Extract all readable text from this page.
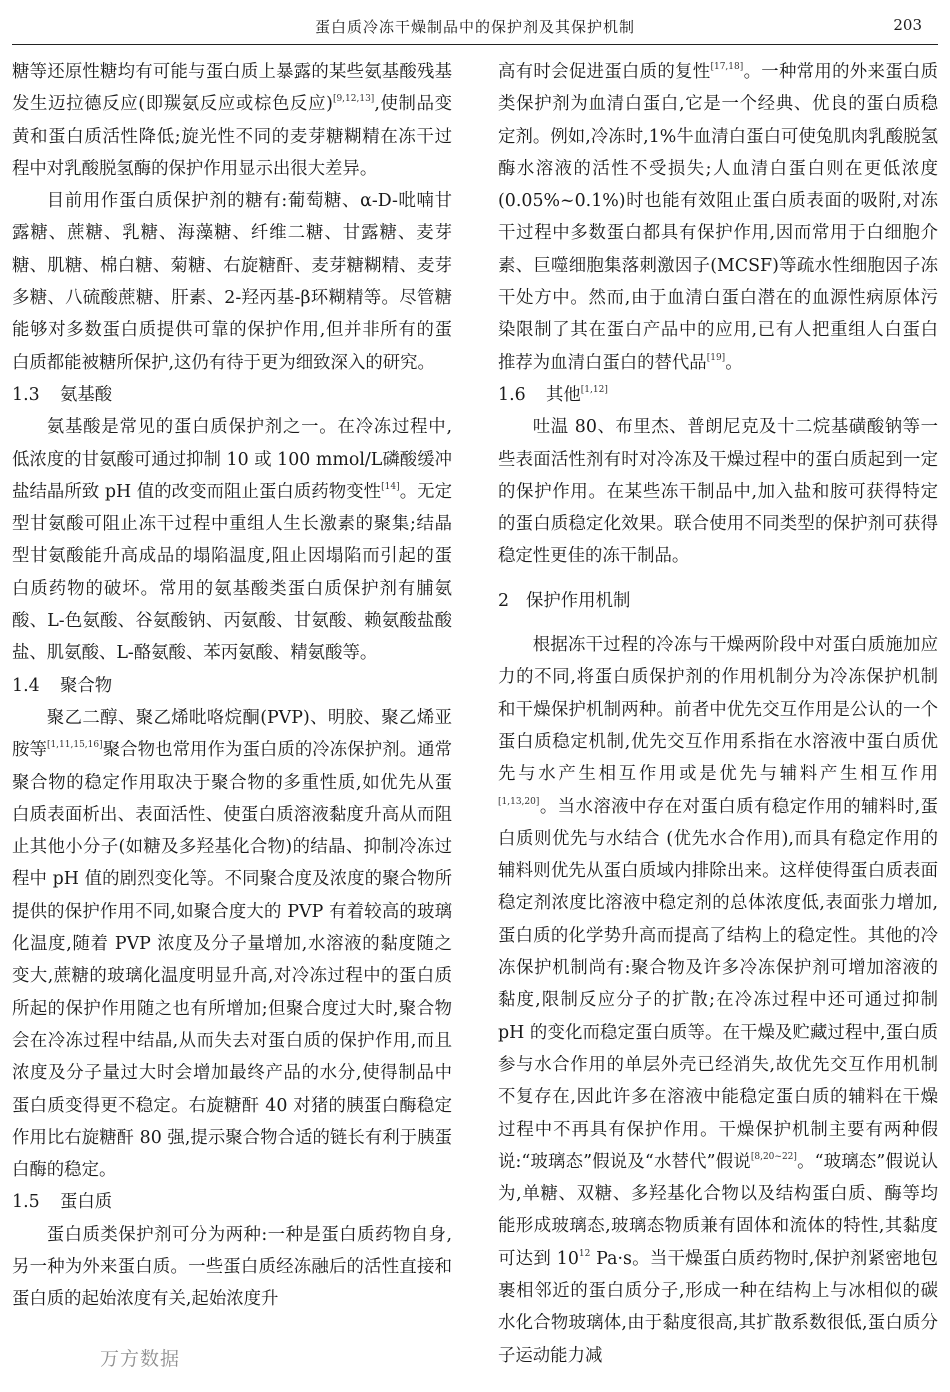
蛋白质冷冻干燥制品中的保护剂及其保护机制	203

糖等还原性糖均有可能与蛋白质上暴露的某些氨基酸残基发生迈拉德反应(即羰氨反应或棕色反应)[9,12,13],使制品变黄和蛋白质活性降低;旋光性不同的麦芽糖糊精在冻干过程中对乳酸脱氢酶的保护作用显示出很大差异。

目前用作蛋白质保护剂的糖有:葡萄糖、α-D-吡喃甘露糖、蔗糖、乳糖、海藻糖、纤维二糖、甘露糖、麦芽糖、肌糖、棉白糖、菊糖、右旋糖酐、麦芽糖糊精、麦芽多糖、八硫酸蔗糖、肝素、2-羟丙基-β环糊精等。尽管糖能够对多数蛋白质提供可靠的保护作用,但并非所有的蛋白质都能被糖所保护,这仍有待于更为细致深入的研究。

1.3 氨基酸

氨基酸是常见的蛋白质保护剂之一。在冷冻过程中,低浓度的甘氨酸可通过抑制 10 或 100 mmol/L磷酸缓冲盐结晶所致 pH 值的改变而阻止蛋白质药物变性[14]。无定型甘氨酸可阻止冻干过程中重组人生长激素的聚集;结晶型甘氨酸能升高成品的塌陷温度,阻止因塌陷而引起的蛋白质药物的破坏。常用的氨基酸类蛋白质保护剂有脯氨酸、L-色氨酸、谷氨酸钠、丙氨酸、甘氨酸、赖氨酸盐酸盐、肌氨酸、L-酪氨酸、苯丙氨酸、精氨酸等。

1.4 聚合物

聚乙二醇、聚乙烯吡咯烷酮(PVP)、明胶、聚乙烯亚胺等[1,11,15,16]聚合物也常用作为蛋白质的冷冻保护剂。通常聚合物的稳定作用取决于聚合物的多重性质,如优先从蛋白质表面析出、表面活性、使蛋白质溶液黏度升高从而阻止其他小分子(如糖及多羟基化合物)的结晶、抑制冷冻过程中 pH 值的剧烈变化等。不同聚合度及浓度的聚合物所提供的保护作用不同,如聚合度大的 PVP 有着较高的玻璃化温度,随着 PVP 浓度及分子量增加,水溶液的黏度随之变大,蔗糖的玻璃化温度明显升高,对冷冻过程中的蛋白质所起的保护作用随之也有所增加;但聚合度过大时,聚合物会在冷冻过程中结晶,从而失去对蛋白质的保护作用,而且浓度及分子量过大时会增加最终产品的水分,使得制品中蛋白质变得更不稳定。右旋糖酐 40 对猪的胰蛋白酶稳定作用比右旋糖酐 80 强,提示聚合物合适的链长有利于胰蛋白酶的稳定。

1.5 蛋白质

蛋白质类保护剂可分为两种:一种是蛋白质药物自身,另一种为外来蛋白质。一些蛋白质经冻融后的活性直接和蛋白质的起始浓度有关,起始浓度升

高有时会促进蛋白质的复性[17,18]。一种常用的外来蛋白质类保护剂为血清白蛋白,它是一个经典、优良的蛋白质稳定剂。例如,冷冻时,1%牛血清白蛋白可使兔肌肉乳酸脱氢酶水溶液的活性不受损失;人血清白蛋白则在更低浓度(0.05%~0.1%)时也能有效阻止蛋白质表面的吸附,对冻干过程中多数蛋白都具有保护作用,因而常用于白细胞介素、巨噬细胞集落刺激因子(MCSF)等疏水性细胞因子冻干处方中。然而,由于血清白蛋白潜在的血源性病原体污染限制了其在蛋白产品中的应用,已有人把重组人白蛋白推荐为血清白蛋白的替代品[19]。

1.6 其他[1,12]

吐温 80、布里杰、普朗尼克及十二烷基磺酸钠等一些表面活性剂有时对冷冻及干燥过程中的蛋白质起到一定的保护作用。在某些冻干制品中,加入盐和胺可获得特定的蛋白质稳定化效果。联合使用不同类型的保护剂可获得稳定性更佳的冻干制品。

2 保护作用机制

根据冻干过程的冷冻与干燥两阶段中对蛋白质施加应力的不同,将蛋白质保护剂的作用机制分为冷冻保护机制和干燥保护机制两种。前者中优先交互作用是公认的一个蛋白质稳定机制,优先交互作用系指在水溶液中蛋白质优先与水产生相互作用或是优先与辅料产生相互作用[1,13,20]。当水溶液中存在对蛋白质有稳定作用的辅料时,蛋白质则优先与水结合 (优先水合作用),而具有稳定作用的辅料则优先从蛋白质域内排除出来。这样使得蛋白质表面稳定剂浓度比溶液中稳定剂的总体浓度低,表面张力增加,蛋白质的化学势升高而提高了结构上的稳定性。其他的冷冻保护机制尚有:聚合物及许多冷冻保护剂可增加溶液的黏度,限制反应分子的扩散;在冷冻过程中还可通过抑制 pH 的变化而稳定蛋白质等。在干燥及贮藏过程中,蛋白质参与水合作用的单层外壳已经消失,故优先交互作用机制不复存在,因此许多在溶液中能稳定蛋白质的辅料在干燥过程中不再具有保护作用。干燥保护机制主要有两种假说:“玻璃态”假说及“水替代”假说[8,20~22]。“玻璃态”假说认为,单糖、双糖、多羟基化合物以及结构蛋白质、酶等均能形成玻璃态,玻璃态物质兼有固体和流体的特性,其黏度可达到 $10^{12}$ Pa·s。当干燥蛋白质药物时,保护剂紧密地包裹相邻近的蛋白质分子,形成一种在结构上与冰相似的碳水化合物玻璃体,由于黏度很高,其扩散系数很低,蛋白质分子运动能力减

万方数据
